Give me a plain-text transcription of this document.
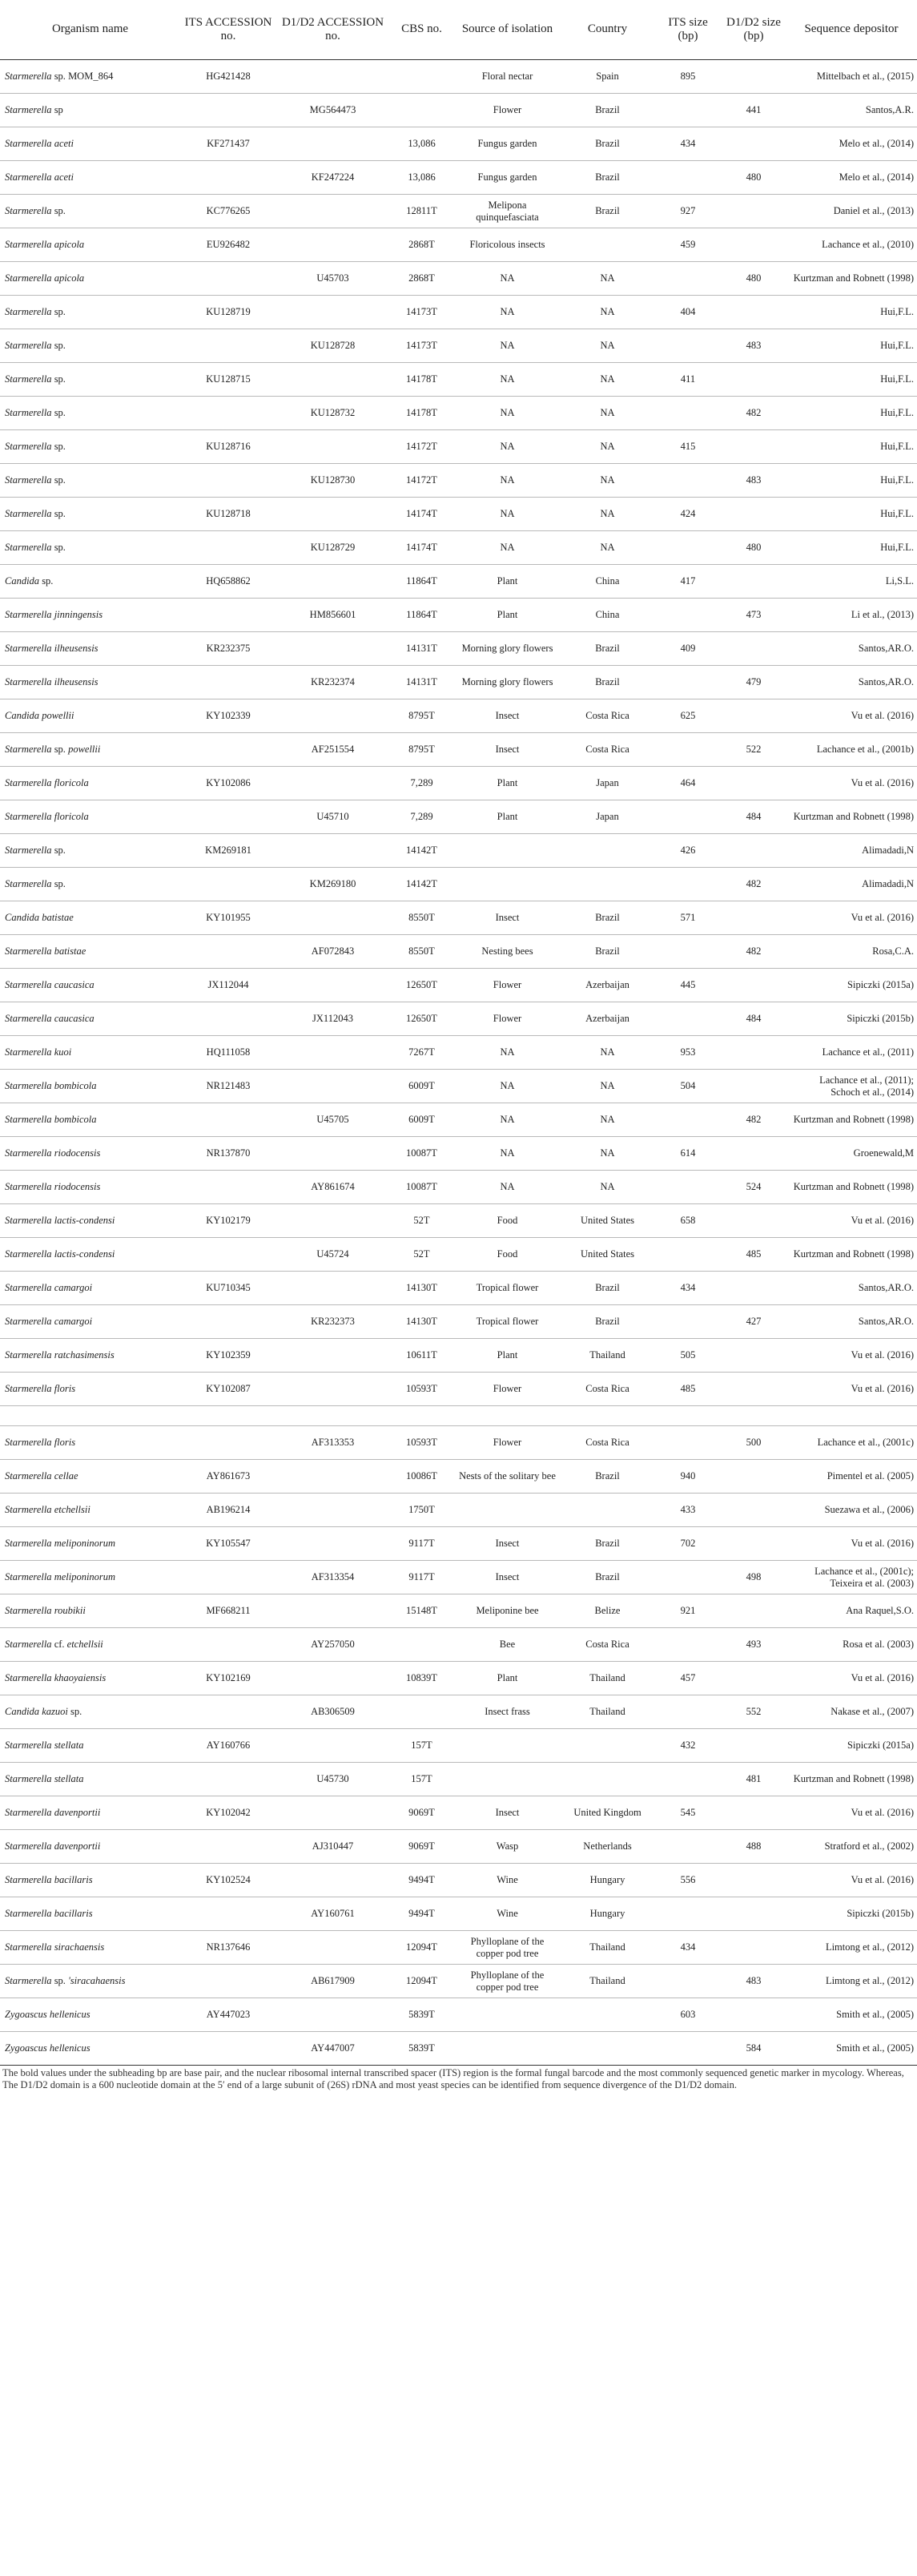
Organism name	ITS ACCESSION no.	D1/D2 ACCESSION no.	CBS no.	Source of isolation	Country	ITS size (bp)	D1/D2 size (bp)	Sequence depositor
Starmerella sp. MOM_864	HG421428			Floral nectar	Spain	895		Mittelbach et al., (2015)
Starmerella sp		MG564473		Flower	Brazil		441	Santos,A.R.
Starmerella aceti	KF271437		13,086	Fungus garden	Brazil	434		Melo et al., (2014)
Starmerella aceti		KF247224	13,086	Fungus garden	Brazil		480	Melo et al., (2014)
Starmerella sp.	KC776265		12811T	Melipona quinquefasciata	Brazil	927		Daniel et al., (2013)
Starmerella apicola	EU926482		2868T	Floricolous insects		459		Lachance et al., (2010)
Starmerella apicola		U45703	2868T	NA	NA		480	Kurtzman and Robnett (1998)
Starmerella sp.	KU128719		14173T	NA	NA	404		Hui,F.L.
Starmerella sp.		KU128728	14173T	NA	NA		483	Hui,F.L.
Starmerella sp.	KU128715		14178T	NA	NA	411		Hui,F.L.
Starmerella sp.		KU128732	14178T	NA	NA		482	Hui,F.L.
Starmerella sp.	KU128716		14172T	NA	NA	415		Hui,F.L.
Starmerella sp.		KU128730	14172T	NA	NA		483	Hui,F.L.
Starmerella sp.	KU128718		14174T	NA	NA	424		Hui,F.L.
Starmerella sp.		KU128729	14174T	NA	NA		480	Hui,F.L.
Candida sp.	HQ658862		11864T	Plant	China	417		Li,S.L.
Starmerella jinningensis		HM856601	11864T	Plant	China		473	Li et al., (2013)
Starmerella ilheusensis	KR232375		14131T	Morning glory flowers	Brazil	409		Santos,AR.O.
Starmerella ilheusensis		KR232374	14131T	Morning glory flowers	Brazil		479	Santos,AR.O.
Candida powellii	KY102339		8795T	Insect	Costa Rica	625		Vu et al. (2016)
Starmerella sp. powellii		AF251554	8795T	Insect	Costa Rica		522	Lachance et al., (2001b)
Starmerella floricola	KY102086		7,289	Plant	Japan	464		Vu et al. (2016)
Starmerella floricola		U45710	7,289	Plant	Japan		484	Kurtzman and Robnett (1998)
Starmerella sp.	KM269181		14142T			426		Alimadadi,N
Starmerella sp.		KM269180	14142T				482	Alimadadi,N
Candida batistae	KY101955		8550T	Insect	Brazil	571		Vu et al. (2016)
Starmerella batistae		AF072843	8550T	Nesting bees	Brazil		482	Rosa,C.A.
Starmerella caucasica	JX112044		12650T	Flower	Azerbaijan	445		Sipiczki (2015a)
Starmerella caucasica		JX112043	12650T	Flower	Azerbaijan		484	Sipiczki (2015b)
Starmerella kuoi	HQ111058		7267T	NA	NA	953		Lachance et al., (2011)
Starmerella bombicola	NR121483		6009T	NA	NA	504		Lachance et al., (2011); Schoch et al., (2014)
Starmerella bombicola		U45705	6009T	NA	NA		482	Kurtzman and Robnett (1998)
Starmerella riodocensis	NR137870		10087T	NA	NA	614		Groenewald,M
Starmerella riodocensis		AY861674	10087T	NA	NA		524	Kurtzman and Robnett (1998)
Starmerella lactis-condensi	KY102179		52T	Food	United States	658		Vu et al. (2016)
Starmerella lactis-condensi		U45724	52T	Food	United States		485	Kurtzman and Robnett (1998)
Starmerella camargoi	KU710345		14130T	Tropical flower	Brazil	434		Santos,AR.O.
Starmerella camargoi		KR232373	14130T	Tropical flower	Brazil		427	Santos,AR.O.
Starmerella ratchasimensis	KY102359		10611T	Plant	Thailand	505		Vu et al. (2016)
Starmerella floris	KY102087		10593T	Flower	Costa Rica	485		Vu et al. (2016)

Starmerella floris		AF313353	10593T	Flower	Costa Rica		500	Lachance et al., (2001c)
Starmerella cellae	AY861673		10086T	Nests of the solitary bee	Brazil	940		Pimentel et al. (2005)
Starmerella etchellsii	AB196214		1750T			433		Suezawa et al., (2006)
Starmerella meliponinorum	KY105547		9117T	Insect	Brazil	702		Vu et al. (2016)
Starmerella meliponinorum		AF313354	9117T	Insect	Brazil		498	Lachance et al., (2001c); Teixeira et al. (2003)
Starmerella roubikii	MF668211		15148T	Meliponine bee	Belize	921		Ana Raquel,S.O.
Starmerella cf. etchellsii		AY257050		Bee	Costa Rica		493	Rosa et al. (2003)
Starmerella khaoyaiensis	KY102169		10839T	Plant	Thailand	457		Vu et al. (2016)
Candida kazuoi sp.		AB306509		Insect frass	Thailand		552	Nakase et al., (2007)
Starmerella stellata	AY160766		157T			432		Sipiczki (2015a)
Starmerella stellata		U45730	157T				481	Kurtzman and Robnett (1998)
Starmerella davenportii	KY102042		9069T	Insect	United Kingdom	545		Vu et al. (2016)
Starmerella davenportii		AJ310447	9069T	Wasp	Netherlands		488	Stratford et al., (2002)
Starmerella bacillaris	KY102524		9494T	Wine	Hungary	556		Vu et al. (2016)
Starmerella bacillaris		AY160761	9494T	Wine	Hungary			Sipiczki (2015b)
Starmerella siraсhaensis	NR137646		12094T	Phylloplane of the copper pod tree	Thailand	434		Limtong et al., (2012)
Starmerella sp. 'siracahaensis		AB617909	12094T	Phylloplane of the copper pod tree	Thailand		483	Limtong et al., (2012)
Zygoascus hellenicus	AY447023		5839T			603		Smith et al., (2005)
Zygoascus hellenicus		AY447007	5839T				584	Smith et al., (2005)
The bold values under the subheading bp are base pair, and the nuclear ribosomal internal transcribed spacer (ITS) region is the formal fungal barcode and the most commonly sequenced genetic marker in mycology. Whereas, The D1/D2 domain is a 600 nucleotide domain at the 5′ end of a large subunit of (26S) rDNA and most yeast species can be identified from sequence divergence of the D1/D2 domain.
